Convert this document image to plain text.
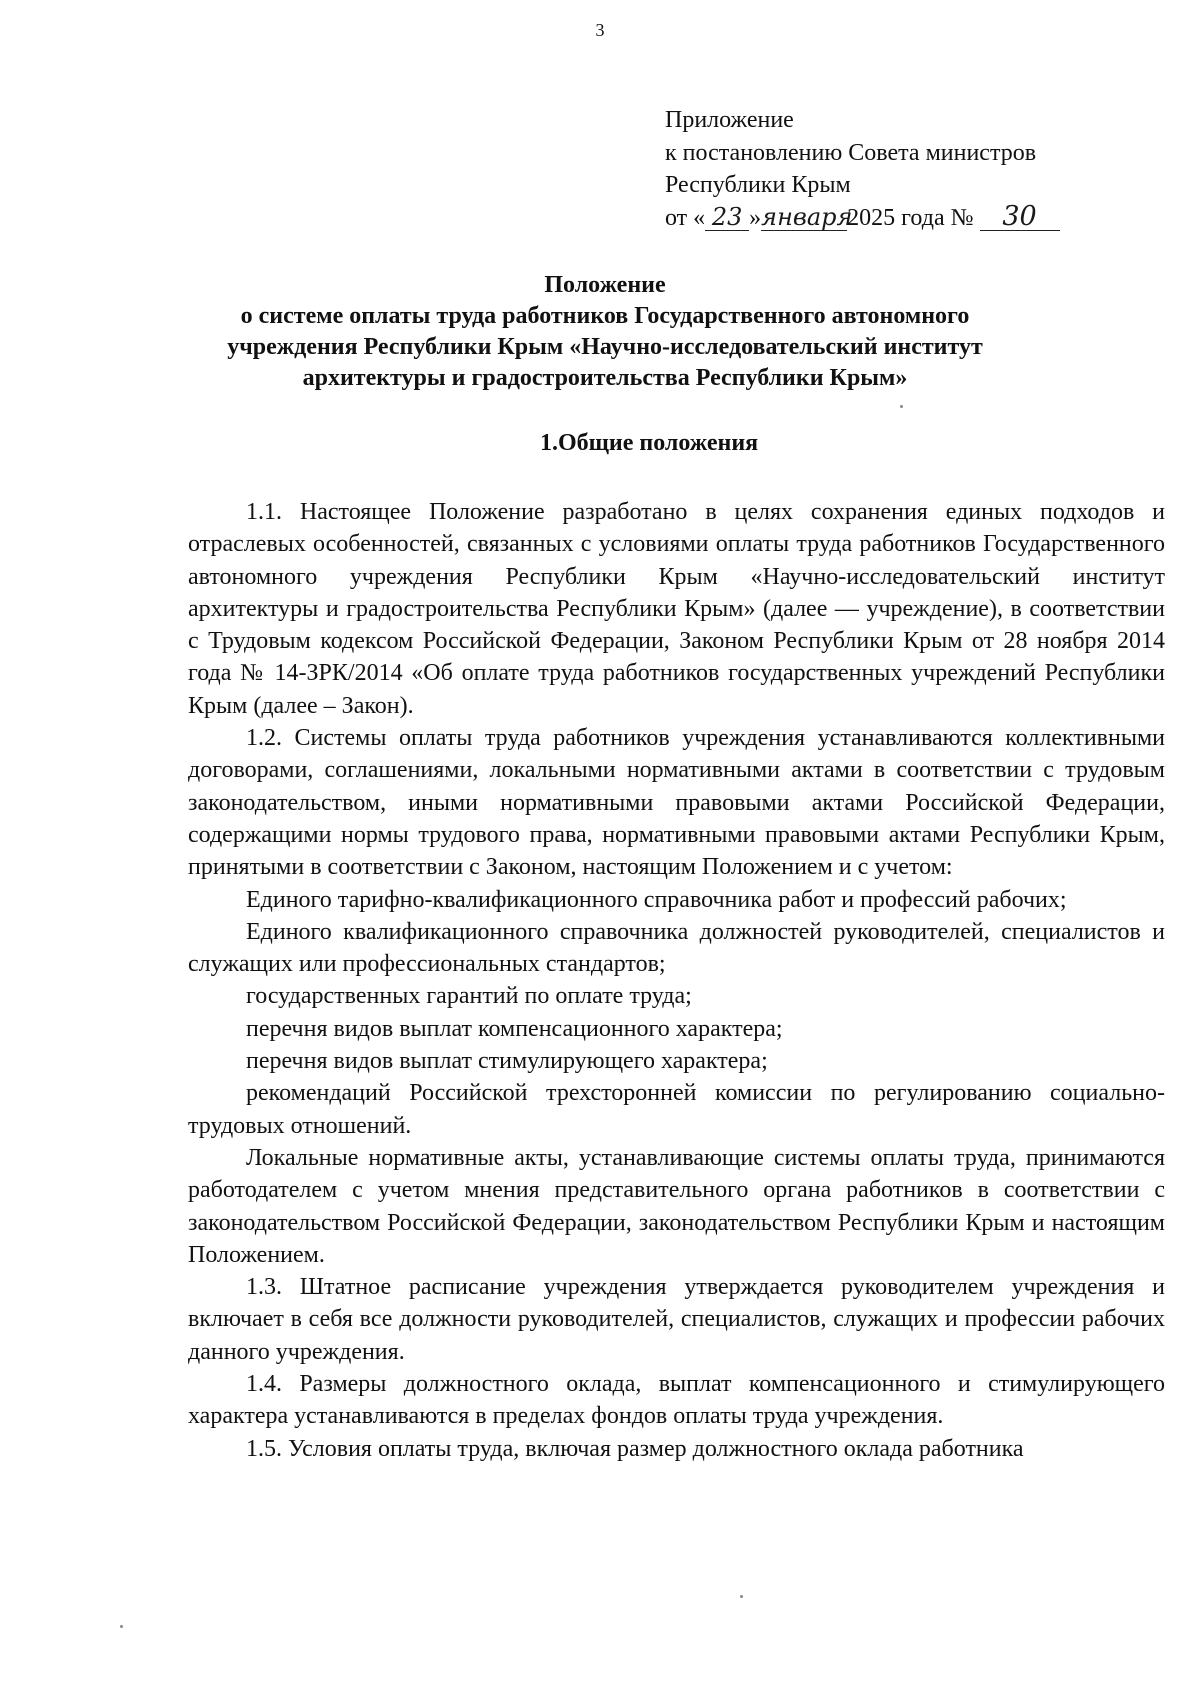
3
Приложение
к постановлению Совета министров
Республики Крым
от « 23 »января2025 года № 30
Положение
о системе оплаты труда работников Государственного автономного
учреждения Республики Крым «Научно-исследовательский институт
архитектуры и градостроительства Республики Крым»
1.Общие положения

1.1. Настоящее Положение разработано в целях сохранения единых подходов и отраслевых особенностей, связанных с условиями оплаты труда работников Государственного автономного учреждения Республики Крым «Научно-исследовательский институт архитектуры и градостроительства Республики Крым» (далее — учреждение), в соответствии с Трудовым кодексом Российской Федерации, Законом Республики Крым от 28 ноября 2014 года № 14-ЗРК/2014 «Об оплате труда работников государственных учреждений Республики Крым (далее – Закон).

1.2. Системы оплаты труда работников учреждения устанавливаются коллективными договорами, соглашениями, локальными нормативными актами в соответствии с трудовым законодательством, иными нормативными правовыми актами Российской Федерации, содержащими нормы трудового права, нормативными правовыми актами Республики Крым, принятыми в соответствии с Законом, настоящим Положением и с учетом:

Единого тарифно-квалификационного справочника работ и профессий рабочих;

Единого квалификационного справочника должностей руководителей, специалистов и служащих или профессиональных стандартов;

государственных гарантий по оплате труда;

перечня видов выплат компенсационного характера;

перечня видов выплат стимулирующего характера;

рекомендаций Российской трехсторонней комиссии по регулированию социально-трудовых отношений.

Локальные нормативные акты, устанавливающие системы оплаты труда, принимаются работодателем с учетом мнения представительного органа работников в соответствии с законодательством Российской Федерации, законодательством Республики Крым и настоящим Положением.

1.3. Штатное расписание учреждения утверждается руководителем учреждения и включает в себя все должности руководителей, специалистов, служащих и профессии рабочих данного учреждения.

1.4. Размеры должностного оклада, выплат компенсационного и стимулирующего характера устанавливаются в пределах фондов оплаты труда учреждения.

1.5. Условия оплаты труда, включая размер должностного оклада работника
